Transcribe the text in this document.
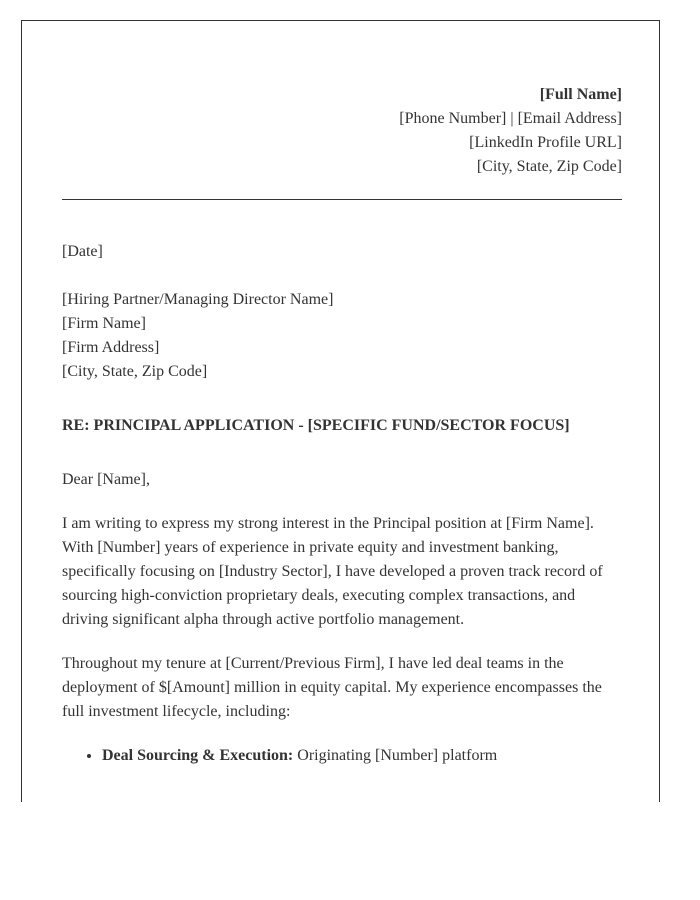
[Full Name]
[Phone Number] | [Email Address]
[LinkedIn Profile URL]
[City, State, Zip Code]
[Date]
[Hiring Partner/Managing Director Name]
[Firm Name]
[Firm Address]
[City, State, Zip Code]
RE: PRINCIPAL APPLICATION - [SPECIFIC FUND/SECTOR FOCUS]
Dear [Name],

I am writing to express my strong interest in the Principal position at [Firm Name]. With [Number] years of experience in private equity and investment banking, specifically focusing on [Industry Sector], I have developed a proven track record of sourcing high-conviction proprietary deals, executing complex transactions, and driving significant alpha through active portfolio management.

Throughout my tenure at [Current/Previous Firm], I have led deal teams in the deployment of $[Amount] million in equity capital. My experience encompasses the full investment lifecycle, including:

• Deal Sourcing & Execution: Originating [Number] platform
